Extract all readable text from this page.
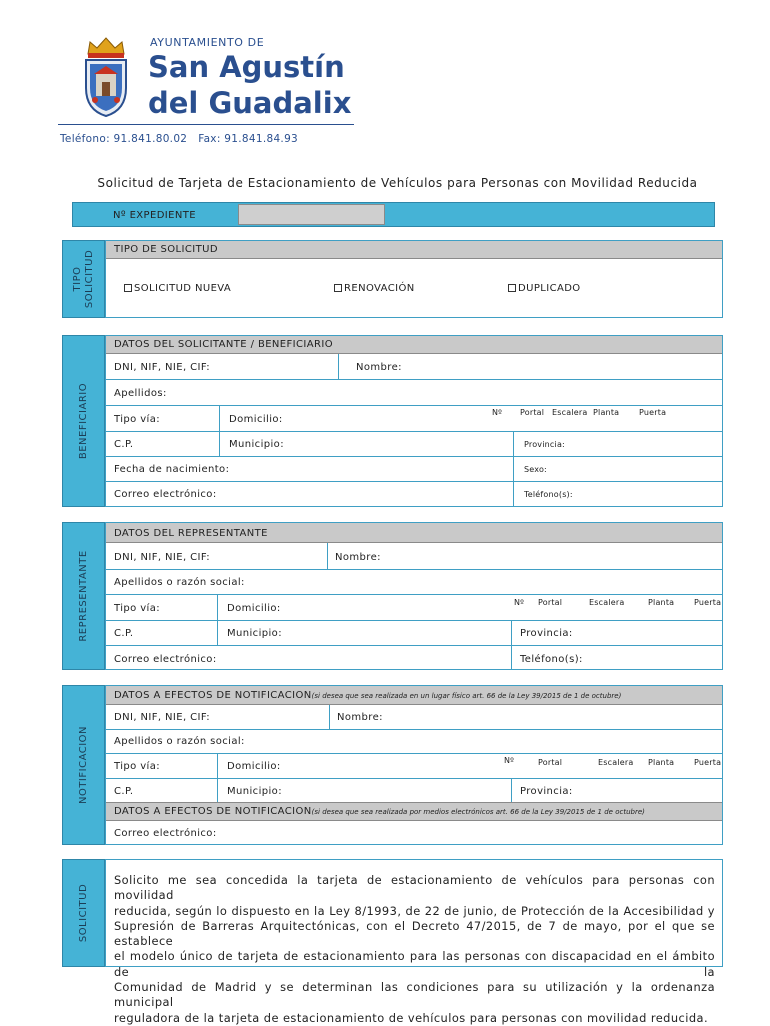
AYUNTAMIENTO DE
San Agustín
del Guadalix
Teléfono: 91.841.80.02   Fax: 91.841.84.93
Solicitud de Tarjeta de Estacionamiento de Vehículos para Personas con Movilidad Reducida
Nº EXPEDIENTE
TIPO SOLICITUD
TIPO DE SOLICITUD
SOLICITUD NUEVA	RENOVACIÓN	DUPLICADO
BENEFICIARIO
DATOS DEL SOLICITANTE / BENEFICIARIO
DNI, NIF, NIE, CIF:	Nombre:
Apellidos:
Tipo vía:	Domicilio:
Nº Portal Escalera Planta Puerta
C.P.	Municipio:	Provincia:
Fecha de nacimiento:	Sexo:
Correo electrónico:	Teléfono(s):
REPRESENTANTE
DATOS DEL REPRESENTANTE
DNI, NIF, NIE, CIF:	Nombre:
Apellidos o razón social:
Tipo vía:	Domicilio:
Nº Portal	Escalera	Planta Puerta
C.P.	Municipio:	Provincia:
Correo electrónico:	Teléfono(s):
NOTIFICACION
DATOS A EFECTOS DE NOTIFICACION(si desea que sea realizada en un lugar físico art. 66 de la Ley 39/2015 de 1 de octubre)
DNI, NIF, NIE, CIF:	Nombre:
Apellidos o razón social:
Tipo vía:	Domicilio:
Nº	Portal	Escalera Planta Puerta
C.P.	Municipio:	Provincia:
DATOS A EFECTOS DE NOTIFICACION(si desea que sea realizada por medios electrónicos art. 66 de la Ley 39/2015 de 1 de octubre)
Correo electrónico:
SOLICITUD
Solicito me sea concedida la tarjeta de estacionamiento de vehículos para personas con movilidad
reducida, según lo dispuesto en la Ley 8/1993, de 22 de junio, de Protección de la Accesibilidad y
Supresión de Barreras Arquitectónicas, con el Decreto 47/2015, de 7 de mayo, por el que se establece
el modelo único de tarjeta de estacionamiento para las personas con discapacidad en el ámbito de la
Comunidad de Madrid y se determinan las condiciones para su utilización y la ordenanza municipal
reguladora de la tarjeta de estacionamiento de vehículos para personas con movilidad reducida.
